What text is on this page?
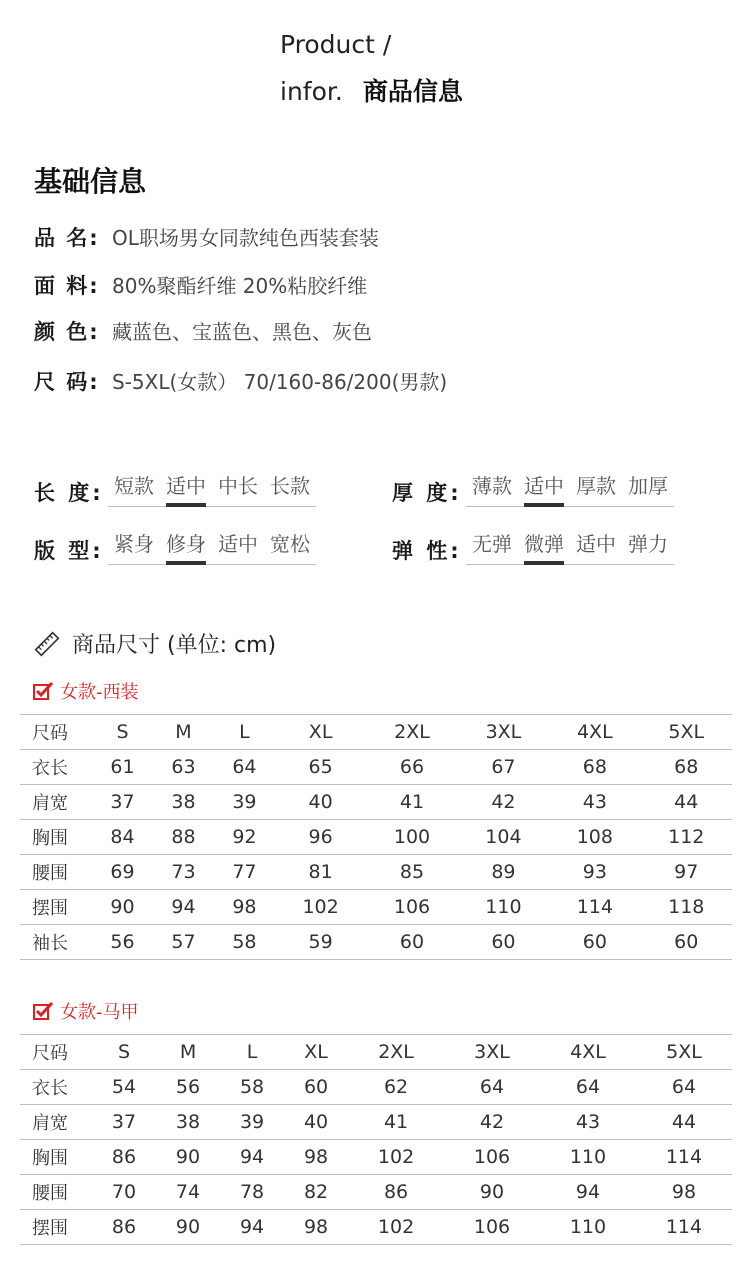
Product /
infor. 商品信息
基础信息
品 名: OL职场男女同款纯色西装套装
面 料: 80%聚酯纤维 20%粘胶纤维
颜 色: 藏蓝色、宝蓝色、黑色、灰色
尺 码: S-5XL(女款） 70/160-86/200(男款)
长 度: 短款 适中 中长 长款	厚 度: 薄款 适中 厚款 加厚
版 型: 紧身 修身 适中 宽松	弹 性: 无弹 微弹 适中 弹力
商品尺寸 (单位: cm)
女款-西装
尺码	S	M	L	XL	2XL	3XL	4XL	5XL
衣长	61	63	64	65	66	67	68	68
肩宽	37	38	39	40	41	42	43	44
胸围	84	88	92	96	100	104	108	112
腰围	69	73	77	81	85	89	93	97
摆围	90	94	98	102	106	110	114	118
袖长	56	57	58	59	60	60	60	60
女款-马甲
尺码	S	M	L	XL	2XL	3XL	4XL	5XL
衣长	54	56	58	60	62	64	64	64
肩宽	37	38	39	40	41	42	43	44
胸围	86	90	94	98	102	106	110	114
腰围	70	74	78	82	86	90	94	98
摆围	86	90	94	98	102	106	110	114
